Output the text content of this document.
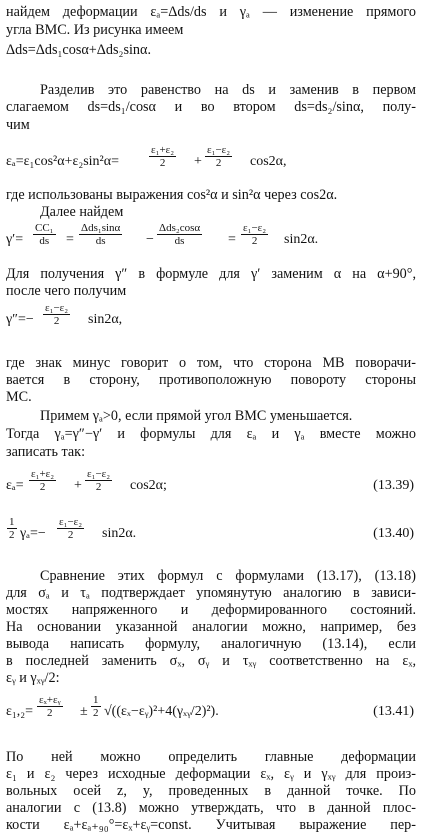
найдем деформации εₐ=Δds/ds и γₐ — изменение прямого
угла BMC. Из рисунка имеем
Δds=Δds₁cosα+Δds₂sinα.
Разделив это равенство на ds и заменив в первом
слагаемом ds=ds₁/cosα и во втором ds=ds₂/sinα, полу-
чим
εₐ=ε₁cos²α+ε₂sin²α=	$\frac{\text{ε₁+ε₂}}{2} + \frac{\text{ε₁−ε₂}}{2} \cos 2\alpha$,
где использованы выражения cos²α и sin²α через cos2α.
Далее найдем
$\gamma'= \frac{\text{CC₁}}{ds}$ =
Δds₁sinα
ds	−
Δds₂cosα
ds	= $\frac{\text{ε₁−ε₂}}{2} \sin 2\alpha$.
Для получения γ″ в формуле для γ′ заменим α на α+90°,
после чего получим
$\gamma''=- \frac{\text{ε₁−ε₂}}{2} \sin 2\alpha$,
где знак минус говорит о том, что сторона MB поворачи-
вается в сторону, противоположную повороту стороны
MC.
Примем γₐ>0, если прямой угол BMC уменьшается.
Тогда γₐ=γ″−γ′ и формулы для εₐ и γₐ вместе можно
записать так:
$\varepsilon_a= \frac{\text{ε₁+ε₂}}{2} + \frac{\text{ε₁−ε₂}}{2} \cos 2\alpha$;	(13.39)
$\frac{1}{2} \gamma_a=- \frac{\text{ε₁−ε₂}}{2} \sin 2\alpha$.	(13.40)
Сравнение этих формул с формулами (13.17), (13.18)
для σₐ и τₐ подтверждает упомянутую аналогию в зависи-
мостях напряженного и деформированного состояний.
На основании указанной аналогии можно, например, без
вывода написать формулу, аналогичную (13.14), если
в последней заменить σₓ, σᵧ и τₓᵧ соответственно на εₓ,
εᵧ и γₓᵧ/2:
$\varepsilon_1,_2= \frac{\text{εₓ+εᵧ}}{2} \pm \frac{1}{2}$ √((εₓ−εᵧ)²+4(γₓᵧ/2)²).	(13.41)
По ней можно определить главные деформации
ε₁ и ε₂ через исходные деформации εₓ, εᵧ и γₓᵧ для произ-
вольных осей z, y, проведенных в данной точке. По
аналогии с (13.8) можно утверждать, что в данной плос-
кости εₐ+εₐ₊₉₀°=εₓ+εᵧ=const. Учитывая выражение пер-
